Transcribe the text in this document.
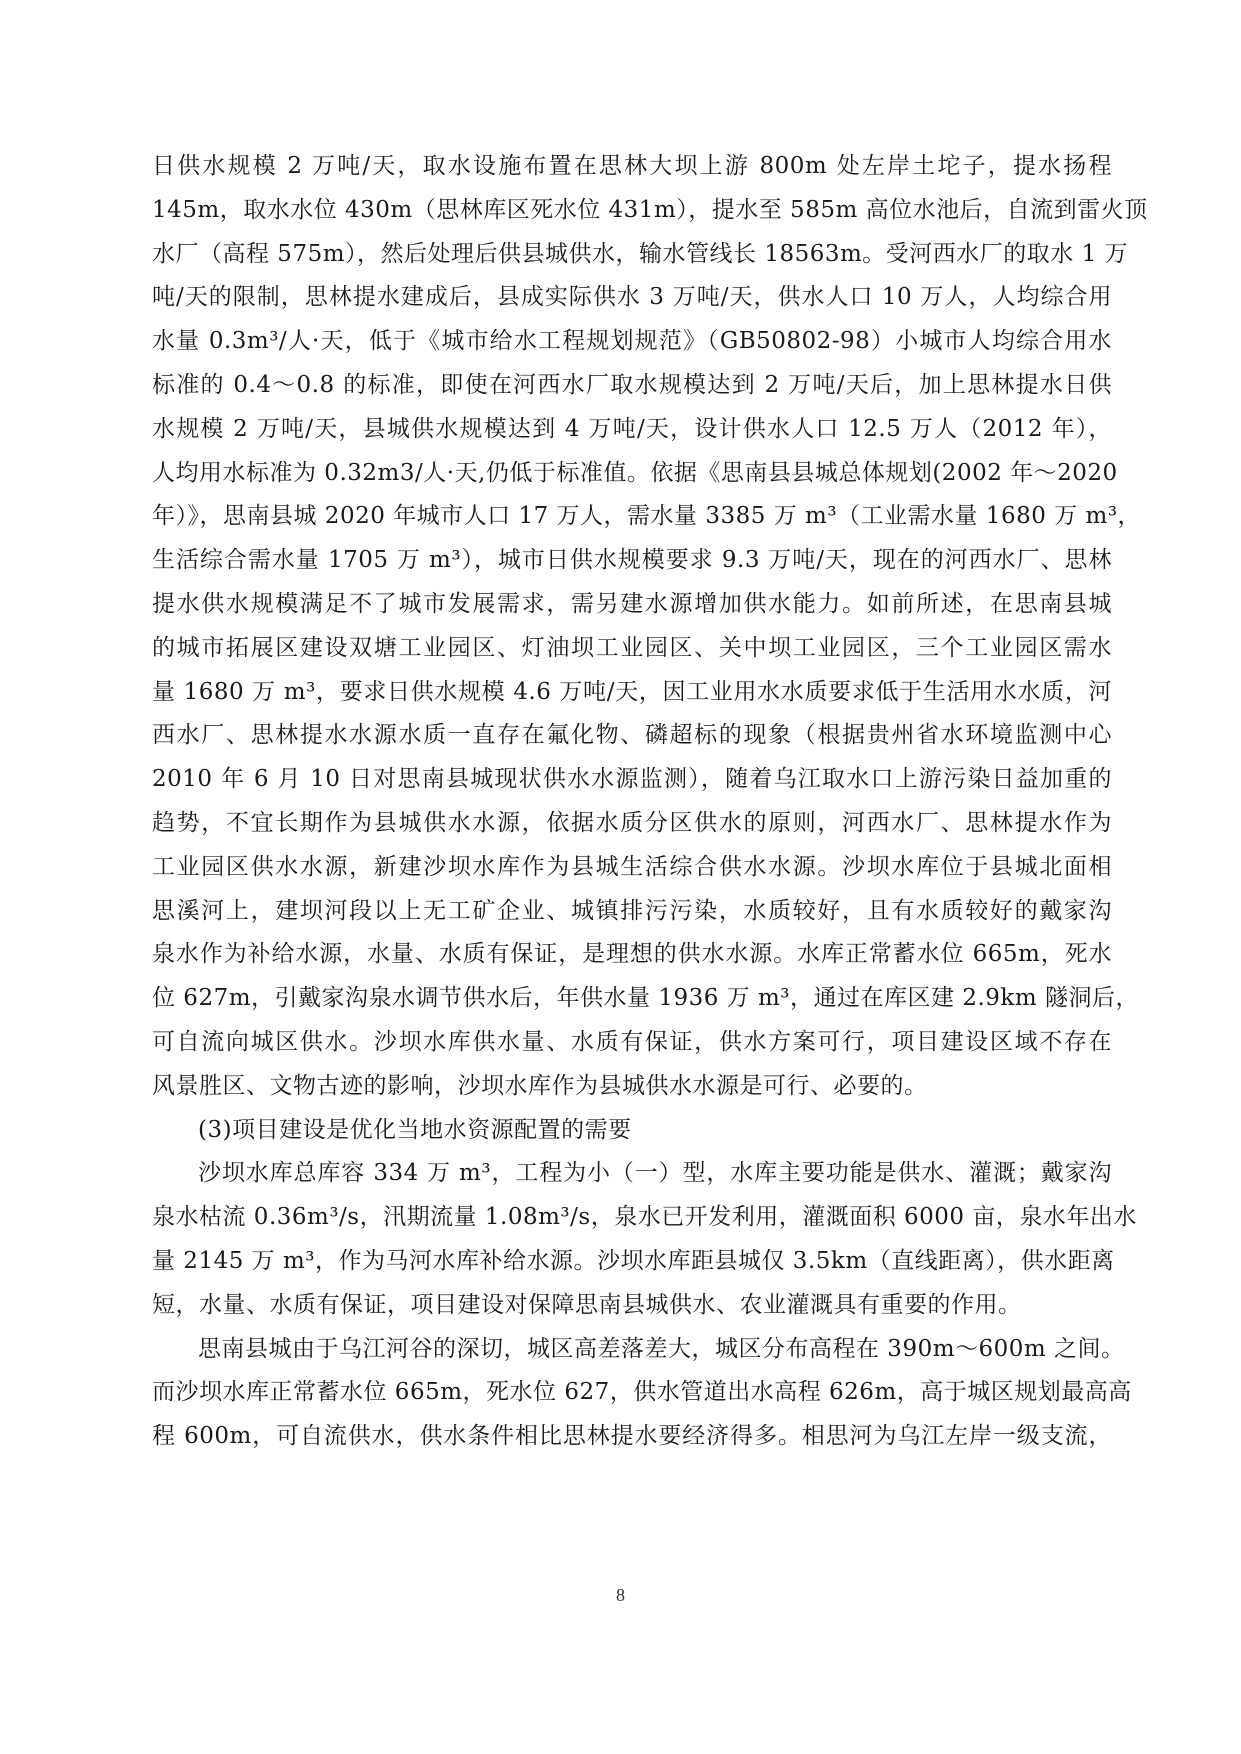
日供水规模 2 万吨/天，取水设施布置在思林大坝上游 800m 处左岸土坨子，提水扬程
145m，取水水位 430m（思林库区死水位 431m），提水至 585m 高位水池后，自流到雷火顶
水厂（高程 575m），然后处理后供县城供水，输水管线长 18563m。受河西水厂的取水 1 万
吨/天的限制，思林提水建成后，县成实际供水 3 万吨/天，供水人口 10 万人，人均综合用
水量 0.3m³/人·天，低于《城市给水工程规划规范》（GB50802-98）小城市人均综合用水
标准的 0.4～0.8 的标准，即使在河西水厂取水规模达到 2 万吨/天后，加上思林提水日供
水规模 2 万吨/天，县城供水规模达到 4 万吨/天，设计供水人口 12.5 万人（2012 年），
人均用水标准为 0.32m3/人·天,仍低于标准值。依据《思南县县城总体规划(2002 年～2020
年）》，思南县城 2020 年城市人口 17 万人，需水量 3385 万 m³（工业需水量 1680 万 m³，
生活综合需水量 1705 万 m³），城市日供水规模要求 9.3 万吨/天，现在的河西水厂、思林
提水供水规模满足不了城市发展需求，需另建水源增加供水能力。如前所述，在思南县城
的城市拓展区建设双塘工业园区、灯油坝工业园区、关中坝工业园区，三个工业园区需水
量 1680 万 m³，要求日供水规模 4.6 万吨/天，因工业用水水质要求低于生活用水水质，河
西水厂、思林提水水源水质一直存在氟化物、磷超标的现象（根据贵州省水环境监测中心
2010 年 6 月 10 日对思南县城现状供水水源监测），随着乌江取水口上游污染日益加重的
趋势，不宜长期作为县城供水水源，依据水质分区供水的原则，河西水厂、思林提水作为
工业园区供水水源，新建沙坝水库作为县城生活综合供水水源。沙坝水库位于县城北面相
思溪河上，建坝河段以上无工矿企业、城镇排污污染，水质较好，且有水质较好的戴家沟
泉水作为补给水源，水量、水质有保证，是理想的供水水源。水库正常蓄水位 665m，死水
位 627m，引戴家沟泉水调节供水后，年供水量 1936 万 m³，通过在库区建 2.9km 隧洞后，
可自流向城区供水。沙坝水库供水量、水质有保证，供水方案可行，项目建设区域不存在
风景胜区、文物古迹的影响，沙坝水库作为县城供水水源是可行、必要的。
(3)项目建设是优化当地水资源配置的需要
沙坝水库总库容 334 万 m³，工程为小（一）型，水库主要功能是供水、灌溉；戴家沟
泉水枯流 0.36m³/s，汛期流量 1.08m³/s，泉水已开发利用，灌溉面积 6000 亩，泉水年出水
量 2145 万 m³，作为马河水库补给水源。沙坝水库距县城仅 3.5km（直线距离），供水距离
短，水量、水质有保证，项目建设对保障思南县城供水、农业灌溉具有重要的作用。
思南县城由于乌江河谷的深切，城区高差落差大，城区分布高程在 390m～600m 之间。
而沙坝水库正常蓄水位 665m，死水位 627，供水管道出水高程 626m，高于城区规划最高高
程 600m，可自流供水，供水条件相比思林提水要经济得多。相思河为乌江左岸一级支流，
8
